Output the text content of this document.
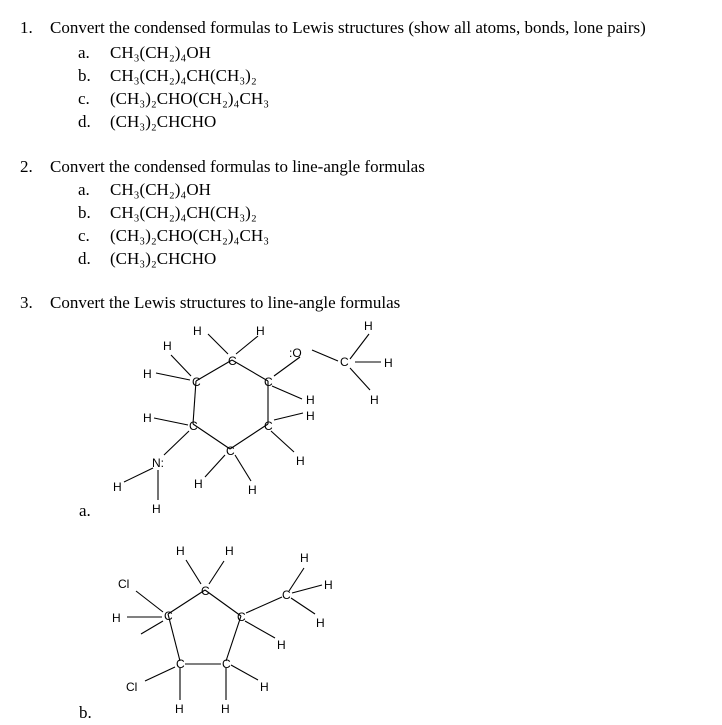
1. Convert the condensed formulas to Lewis structures (show all atoms, bonds, lone pairs)
a. CH₃(CH₂)₄OH
b. CH₃(CH₂)₄CH(CH₃)₂
c. (CH₃)₂CHO(CH₂)₄CH₃
d. (CH₃)₂CHCHO
2. Convert the condensed formulas to line-angle formulas
a. CH₃(CH₂)₄OH
b. CH₃(CH₂)₄CH(CH₃)₂
c. (CH₃)₂CHO(CH₂)₄CH₃
d. (CH₃)₂CHCHO
3. Convert the Lewis structures to line-angle formulas
C
C	C
C	C
C
C
:O
N:
H	H
H
H
H
H
H
H
H
H
H
H	H
H
H
a.
C
C	C
C	C
C
Cl
Cl
H	H
H
H
H
H
H
H
H	H
b.
